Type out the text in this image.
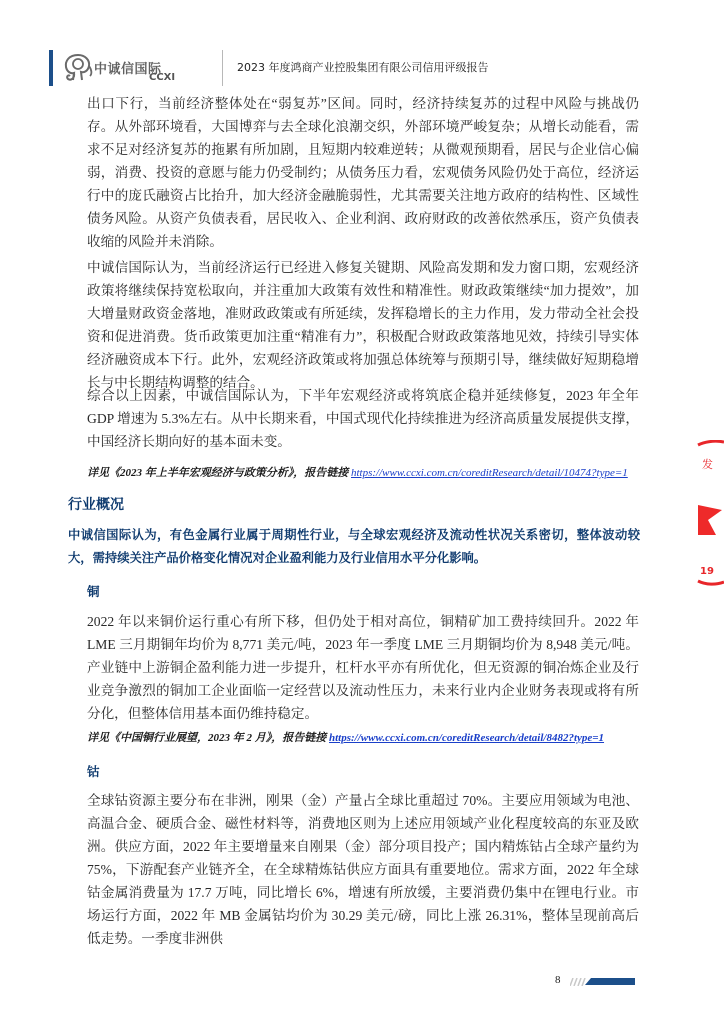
中诚信国际
CCXI
2023 年度鸿商产业控股集团有限公司信用评级报告

出口下行，当前经济整体处在“弱复苏”区间。同时，经济持续复苏的过程中风险与挑战仍存。从外部环境看，大国博弈与去全球化浪潮交织，外部环境严峻复杂；从增长动能看，需求不足对经济复苏的拖累有所加剧，且短期内较难逆转；从微观预期看，居民与企业信心偏弱，消费、投资的意愿与能力仍受制约；从债务压力看，宏观债务风险仍处于高位，经济运行中的庞氏融资占比抬升，加大经济金融脆弱性，尤其需要关注地方政府的结构性、区域性债务风险。从资产负债表看，居民收入、企业利润、政府财政的改善依然承压，资产负债表收缩的风险并未消除。

中诚信国际认为，当前经济运行已经进入修复关键期、风险高发期和发力窗口期，宏观经济政策将继续保持宽松取向，并注重加大政策有效性和精准性。财政政策继续“加力提效”，加大增量财政资金落地，准财政政策或有所延续，发挥稳增长的主力作用，发力带动全社会投资和促进消费。货币政策更加注重“精准有力”，积极配合财政政策落地见效，持续引导实体经济融资成本下行。此外，宏观经济政策或将加强总体统筹与预期引导，继续做好短期稳增长与中长期结构调整的结合。

综合以上因素，中诚信国际认为，下半年宏观经济或将筑底企稳并延续修复，2023 年全年 GDP 增速为 5.3%左右。从中长期来看，中国式现代化持续推进为经济高质量发展提供支撑，中国经济长期向好的基本面未变。

详见《2023 年上半年宏观经济与政策分析》，报告链接 https://www.ccxi.com.cn/coreditResearch/detail/10474?type=1

行业概况

中诚信国际认为，有色金属行业属于周期性行业，与全球宏观经济及流动性状况关系密切，整体波动较大，需持续关注产品价格变化情况对企业盈利能力及行业信用水平分化影响。

铜

2022 年以来铜价运行重心有所下移，但仍处于相对高位，铜精矿加工费持续回升。2022 年 LME 三月期铜年均价为 8,771 美元/吨，2023 年一季度 LME 三月期铜均价为 8,948 美元/吨。产业链中上游铜企盈利能力进一步提升，杠杆水平亦有所优化，但无资源的铜冶炼企业及行业竞争激烈的铜加工企业面临一定经营以及流动性压力，未来行业内企业财务表现或将有所分化，但整体信用基本面仍维持稳定。

详见《中国铜行业展望，2023 年 2 月》，报告链接 https://www.ccxi.com.cn/coreditResearch/detail/8482?type=1

钴

全球钴资源主要分布在非洲，刚果（金）产量占全球比重超过 70%。主要应用领域为电池、高温合金、硬质合金、磁性材料等，消费地区则为上述应用领域产业化程度较高的东亚及欧洲。供应方面，2022 年主要增量来自刚果（金）部分项目投产；国内精炼钴占全球产量约为 75%，下游配套产业链齐全，在全球精炼钴供应方面具有重要地位。需求方面，2022 年全球钴金属消费量为 17.7 万吨，同比增长 6%，增速有所放缓，主要消费仍集中在锂电行业。市场运行方面，2022 年 MB 金属钴均价为 30.29 美元/磅，同比上涨 26.31%，整体呈现前高后低走势。一季度非洲供

发
19
8
